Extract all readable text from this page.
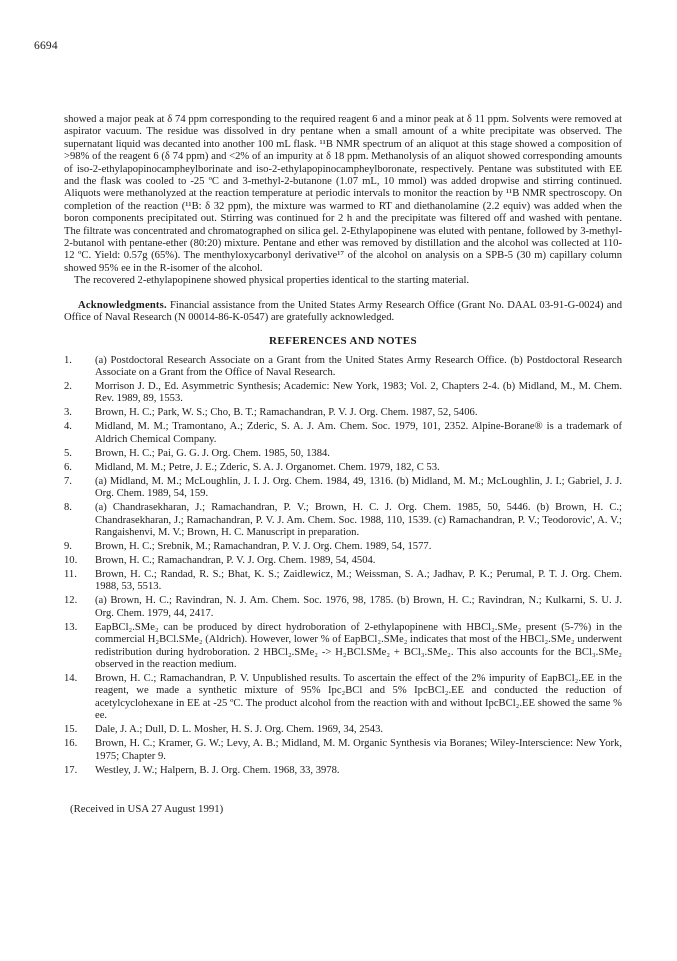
6694

showed a major peak at δ 74 ppm corresponding to the required reagent 6 and a minor peak at δ 11 ppm. Solvents were removed at aspirator vacuum. The residue was dissolved in dry pentane when a small amount of a white precipitate was observed. The supernatant liquid was decanted into another 100 mL flask. ¹¹B NMR spectrum of an aliquot at this stage showed a composition of >98% of the reagent 6 (δ 74 ppm) and <2% of an impurity at δ 18 ppm. Methanolysis of an aliquot showed corresponding amounts of iso-2-ethylapopinocampheylborinate and iso-2-ethylapopinocampheylboronate, respectively. Pentane was substituted with EE and the flask was cooled to -25 ºC and 3-methyl-2-butanone (1.07 mL, 10 mmol) was added dropwise and stirring continued. Aliquots were methanolyzed at the reaction temperature at periodic intervals to monitor the reaction by ¹¹B NMR spectroscopy. On completion of the reaction (¹¹B: δ 32 ppm), the mixture was warmed to RT and diethanolamine (2.2 equiv) was added when the boron components precipitated out. Stirring was continued for 2 h and the precipitate was filtered off and washed with pentane. The filtrate was concentrated and chromatographed on silica gel. 2-Ethylapopinene was eluted with pentane, followed by 3-methyl-2-butanol with pentane-ether (80:20) mixture. Pentane and ether was removed by distillation and the alcohol was collected at 110-12 ºC. Yield: 0.57g (65%). The menthyloxycarbonyl derivative¹⁷ of the alcohol on analysis on a SPB-5 (30 m) capillary column showed 95% ee in the R-isomer of the alcohol.

The recovered 2-ethylapopinene showed physical properties identical to the starting material.

Acknowledgments. Financial assistance from the United States Army Research Office (Grant No. DAAL 03-91-G-0024) and Office of Naval Research (N 00014-86-K-0547) are gratefully acknowledged.

REFERENCES AND NOTES
1.	(a) Postdoctoral Research Associate on a Grant from the United States Army Research Office. (b) Postdoctoral Research Associate on a Grant from the Office of Naval Research.
2.	Morrison J. D., Ed. Asymmetric Synthesis; Academic: New York, 1983; Vol. 2, Chapters 2-4. (b) Midland, M., M. Chem. Rev. 1989, 89, 1553.
3.	Brown, H. C.; Park, W. S.; Cho, B. T.; Ramachandran, P. V. J. Org. Chem. 1987, 52, 5406.
4.	Midland, M. M.; Tramontano, A.; Zderic, S. A. J. Am. Chem. Soc. 1979, 101, 2352. Alpine-Borane® is a trademark of Aldrich Chemical Company.
5.	Brown, H. C.; Pai, G. G. J. Org. Chem. 1985, 50, 1384.
6.	Midland, M. M.; Petre, J. E.; Zderic, S. A. J. Organomet. Chem. 1979, 182, C 53.
7.	(a) Midland, M. M.; McLoughlin, J. I. J. Org. Chem. 1984, 49, 1316. (b) Midland, M. M.; McLoughlin, J. I.; Gabriel, J. J. Org. Chem. 1989, 54, 159.
8.	(a) Chandrasekharan, J.; Ramachandran, P. V.; Brown, H. C. J. Org. Chem. 1985, 50, 5446. (b) Brown, H. C.; Chandrasekharan, J.; Ramachandran, P. V. J. Am. Chem. Soc. 1988, 110, 1539. (c) Ramachandran, P. V.; Teodorovic', A. V.; Rangaishenvi, M. V.; Brown, H. C. Manuscript in preparation.
9.	Brown, H. C.; Srebnik, M.; Ramachandran, P. V. J. Org. Chem. 1989, 54, 1577.
10.	Brown, H. C.; Ramachandran, P. V. J. Org. Chem. 1989, 54, 4504.
11.	Brown, H. C.; Randad, R. S.; Bhat, K. S.; Zaidlewicz, M.; Weissman, S. A.; Jadhav, P. K.; Perumal, P. T. J. Org. Chem. 1988, 53, 5513.
12.	(a) Brown, H. C.; Ravindran, N. J. Am. Chem. Soc. 1976, 98, 1785. (b) Brown, H. C.; Ravindran, N.; Kulkarni, S. U. J. Org. Chem. 1979, 44, 2417.
13.	EapBCl₂.SMe₂ can be produced by direct hydroboration of 2-ethylapopinene with HBCl₂.SMe₂ present (5-7%) in the commercial H₂BCl.SMe₂ (Aldrich). However, lower % of EapBCl₂.SMe₂ indicates that most of the HBCl₂.SMe₂ underwent redistribution during hydroboration. 2 HBCl₂.SMe₂ -> H₂BCl.SMe₂ + BCl₃.SMe₂. This also accounts for the BCl₃.SMe₂ observed in the reaction medium.
14.	Brown, H. C.; Ramachandran, P. V. Unpublished results. To ascertain the effect of the 2% impurity of EapBCl₂.EE in the reagent, we made a synthetic mixture of 95% Ipc₂BCl and 5% IpcBCl₂.EE and conducted the reduction of acetylcyclohexane in EE at -25 ºC. The product alcohol from the reaction with and without IpcBCl₂.EE showed the same % ee.
15.	Dale, J. A.; Dull, D. L. Mosher, H. S. J. Org. Chem. 1969, 34, 2543.
16.	Brown, H. C.; Kramer, G. W.; Levy, A. B.; Midland, M. M. Organic Synthesis via Boranes; Wiley-Interscience: New York, 1975; Chapter 9.
17.	Westley, J. W.; Halpern, B. J. Org. Chem. 1968, 33, 3978.
(Received in USA 27 August 1991)
